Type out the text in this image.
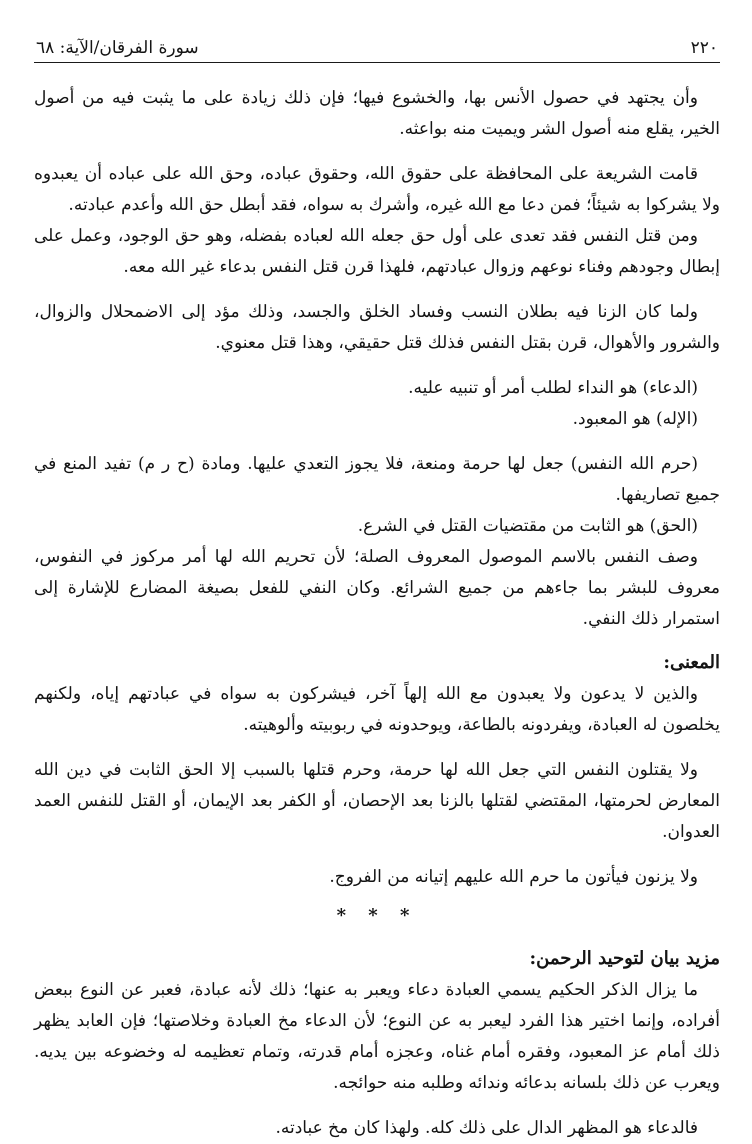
٢٢٠
سورة الفرقان/الآية: ٦٨

وأن يجتهد في حصول الأنس بها، والخشوع فيها؛ فإن ذلك زيادة على ما يثبت فيه من أصول الخير، يقلع منه أصول الشر ويميت منه بواعثه.

قامت الشريعة على المحافظة على حقوق الله، وحقوق عباده، وحق الله على عباده أن يعبدوه ولا يشركوا به شيئاً؛ فمن دعا مع الله غيره، وأشرك به سواه، فقد أبطل حق الله وأعدم عبادته.

ومن قتل النفس فقد تعدى على أول حق جعله الله لعباده بفضله، وهو حق الوجود، وعمل على إبطال وجودهم وفناء نوعهم وزوال عبادتهم، فلهذا قرن قتل النفس بدعاء غير الله معه.

ولما كان الزنا فيه بطلان النسب وفساد الخلق والجسد، وذلك مؤد إلى الاضمحلال والزوال، والشرور والأهوال، قرن بقتل النفس فذلك قتل حقيقي، وهذا قتل معنوي.

(الدعاء) هو النداء لطلب أمر أو تنبيه عليه.

(الإله) هو المعبود.

(حرم الله النفس) جعل لها حرمة ومنعة، فلا يجوز التعدي عليها. ومادة (ح ر م) تفيد المنع في جميع تصاريفها.

(الحق) هو الثابت من مقتضيات القتل في الشرع.

وصف النفس بالاسم الموصول المعروف الصلة؛ لأن تحريم الله لها أمر مركوز في النفوس، معروف للبشر بما جاءهم من جميع الشرائع. وكان النفي للفعل بصيغة المضارع للإشارة إلى استمرار ذلك النفي.

المعنى:

والذين لا يدعون ولا يعبدون مع الله إلهاً آخر، فيشركون به سواه في عبادتهم إياه، ولكنهم يخلصون له العبادة، ويفردونه بالطاعة، ويوحدونه في ربوبيته وألوهيته.

ولا يقتلون النفس التي جعل الله لها حرمة، وحرم قتلها بالسبب إلا الحق الثابت في دين الله المعارض لحرمتها، المقتضي لقتلها بالزنا بعد الإحصان، أو الكفر بعد الإيمان، أو القتل للنفس العمد العدوان.

ولا يزنون فيأتون ما حرم الله عليهم إتيانه من الفروج.

* * *
مزيد بيان لتوحيد الرحمن:

ما يزال الذكر الحكيم يسمي العبادة دعاء ويعبر به عنها؛ ذلك لأنه عبادة، فعبر عن النوع ببعض أفراده، وإنما اختير هذا الفرد ليعبر به عن النوع؛ لأن الدعاء مخ العبادة وخلاصتها؛ فإن العابد يظهر ذلك أمام عز المعبود، وفقره أمام غناه، وعجزه أمام قدرته، وتمام تعظيمه له وخضوعه بين يديه. ويعرب عن ذلك بلسانه بدعائه وندائه وطلبه منه حوائجه.

فالدعاء هو المظهر الدال على ذلك كله. ولهذا كان مخ عبادته.
